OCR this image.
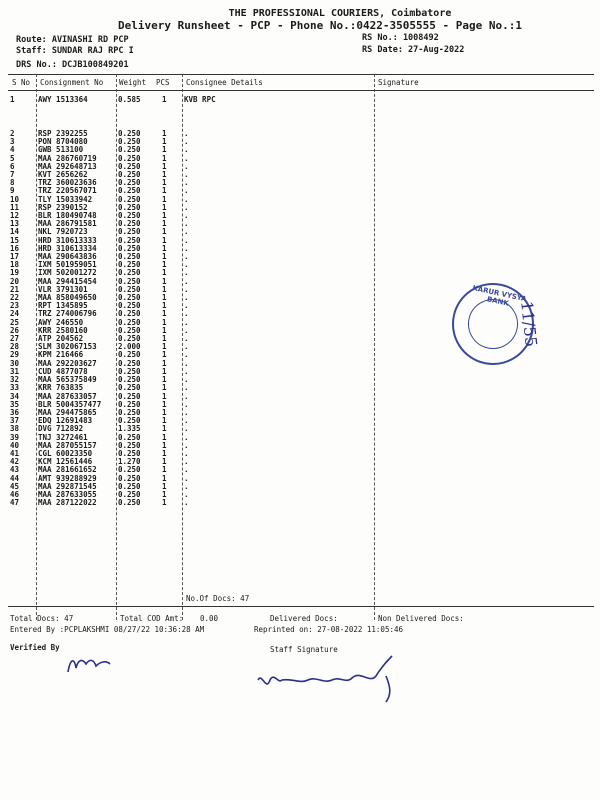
THE PROFESSIONAL COURIERS, Coimbatore
Delivery Runsheet - PCP - Phone No.:0422-3505555 - Page No.:1
Route: AVINASHI RD PCP
Staff: SUNDAR RAJ RPC I
DRS No.: DCJB100849201
RS No.: 1008492
RS Date: 27-Aug-2022
S No Consignment No Weight PCS Consignee Details	Signature
1	AWY 1513364	0.585	1	KVB RPC
2	RSP 2392255	0.250	1	.
3	PON 8704080	0.250	1	.
4	GWB 513100	0.250	1	.
5	MAA 286760719	0.250	1	.
6	MAA 292648713	0.250	1	.
7	KVT 2656262	0.250	1	.
8	TRZ 360023636	0.250	1	.
9	TRZ 220567071	0.250	1	.
10	TLY 15033942	0.250	1	.
11	RSP 2390152	0.250	1	.
12	BLR 180490748	0.250	1	.
13	MAA 286791581	0.250	1	.
14	NKL 7920723	0.250	1	.
15	HRD 310613333	0.250	1	.
16	HRD 310613334	0.250	1	.
17	MAA 290643836	0.250	1	.
18	IXM 501959051	0.250	1	.
19	IXM 502001272	0.250	1	.
20	MAA 294415454	0.250	1	.
21	VLR 3791301	0.250	1	.
22	MAA 858049650	0.250	1	.
23	RPT 1345895	0.250	1	.
24	TRZ 274006796	0.250	1	.
25	AWY 246550	0.250	1	.
26	KRR 2580160	0.250	1	.
27	ATP 204562	0.250	1	.
28	SLM 302067153	2.000	1	.
29	KPM 216466	0.250	1	.
30	MAA 292203627	0.250	1	.
31	CUD 4877078	0.250	1	.
32	MAA 565375849	0.250	1	.
33	KRR 763835	0.250	1	.
34	MAA 287633057	0.250	1	.
35	BLR 5004357477	0.250	1	.
36	MAA 294475865	0.250	1	.
37	EDQ 12691483	0.250	1	.
38	DVG 712892	1.335	1	.
39	TNJ 3272461	0.250	1	.
40	MAA 287055157	0.250	1	.
41	CGL 60023350	0.250	1	.
42	KCM 12561446	1.270	1	.
43	MAA 281661652	0.250	1	.
44	AMT 939288929	0.250	1	.
45	MAA 292871545	0.250	1	.
46	MAA 287633055	0.250	1	.
47	MAA 287122022	0.250	1	.
No.Of Docs: 47
Total Docs: 47	Total COD Amt: 0.00	Delivered Docs:	Non Delivered Docs:
Entered By :PCPLAKSHMI 08/27/22 10:36:28 AM	Reprinted on: 27-08-2022 11:05:46
Verified By	Staff Signature
KARUR VYSYA BANK 11/55
